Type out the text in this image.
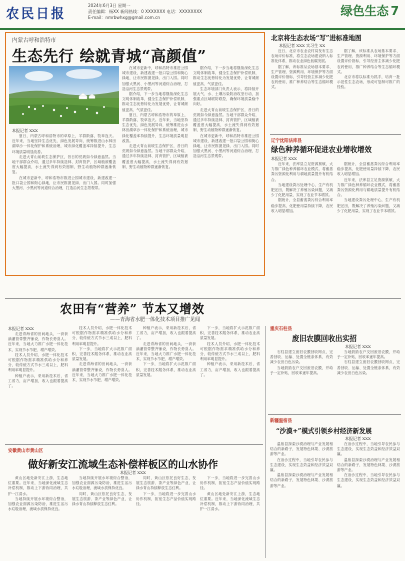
农民日报
2024年6月3日 星期一
责任编辑：杨XX 新闻热线：0 XXXXXXX 电话：XXXXXXXX
E-mail：nmrbwhxg@gmail.com.cn	绿色生态 7
内蒙古呼和浩特市
生态先行 绘就青城“高颜值”
本报记者 XXX

夏日，内蒙古呼和浩特市的草原上，羊群散落，牧草连天。近年来，当地坚持生态优先、绿色发展导向，统筹推进山水林田湖草沙一体化保护和系统治理，城市绿化覆盖率持续提升，生态环境质量明显改善。

走进大青山前坡生态保护区，昔日的荒坡如今绿意盎然。当地干部群众介绍，通过多年持续造林、封育管护，区域植被覆盖度大幅提高，水土流失得到有效遏制，野生动植物种群逐渐恢复。

在城市更新中，呼和浩特市推进公园城市建设，新建改建一批口袋公园和街心绿地，让市民推窗见绿、出门入园。同时加强大黑河、小黑河等河道综合治理，打造沿河生态景观带。

在城市更新中，呼和浩特市推进公园城市建设，新建改建一批口袋公园和街心绿地，让市民推窗见绿、出门入园。同时加强大黑河、小黑河等河道综合治理，打造沿河生态景观带。

据介绍，下一步当地将继续深化生态文明体制改革，健全生态保护补偿机制，推动生态优势转化为发展优势，让青城颜值更高、气质更佳。

夏日，内蒙古呼和浩特市的草原上，羊群散落，牧草连天。近年来，当地坚持生态优先、绿色发展导向，统筹推进山水林田湖草沙一体化保护和系统治理，城市绿化覆盖率持续提升，生态环境质量明显改善。

走进大青山前坡生态保护区，昔日的荒坡如今绿意盎然。当地干部群众介绍，通过多年持续造林、封育管护，区域植被覆盖度大幅提高，水土流失得到有效遏制，野生动植物种群逐渐恢复。

据介绍，下一步当地将继续深化生态文明体制改革，健全生态保护补偿机制，推动生态优势转化为发展优势，让青城颜值更高、气质更佳。

生态环境部门负责人表示，将持续开展大气、水、土壤污染防治攻坚行动，加强重点区域联防联控，确保环境质量稳中向好。

走进大青山前坡生态保护区，昔日的荒坡如今绿意盎然。当地干部群众介绍，通过多年持续造林、封育管护，区域植被覆盖度大幅提高，水土流失得到有效遏制，野生动植物种群逐渐恢复。

在城市更新中，呼和浩特市推进公园城市建设，新建改建一批口袋公园和街心绿地，让市民推窗见绿、出门入园。同时加强大黑河、小黑河等河道综合治理，打造沿河生态景观带。

北京将生态农场“写”进标准地图
本报记者 XXX 实习生 XX

近日，北京市农业农村局发布生态农场评价标准，将生态农场建设纳入标准化体系，推动农业绿色低碳发展。

据了解，该标准从农场基本要求、生产管理、资源利用、环境保护等方面设置评价指标，引导经营主体减少化肥农药使用，推广种养结合等生态循环模式。

据了解，该标准从农场基本要求、生产管理、资源利用、环境保护等方面设置评价指标，引导经营主体减少化肥农药使用，推广种养结合等生态循环模式。

北京市将以标准为抓手，培育一批示范性生态农场，形成可复制可推广的经验。

辽宁沈阳法库县
绿色种养循环促进农业增收增效
本报记者 XXX

近年来，法库县立足资源禀赋，大力推广绿色种养循环农业模式，将畜禽粪污资源化利用与耕地质量提升有机结合。

当地建设粪污处理中心，生产有机肥还田，既解决了养殖污染问题，又减少了化肥用量，实现了农业节本增效。

据统计，全县畜禽粪污综合利用率稳步提高，化肥使用量持续下降，农民收入明显增加。

据统计，全县畜禽粪污综合利用率稳步提高，化肥使用量持续下降，农民收入明显增加。

近年来，法库县立足资源禀赋，大力推广绿色种养循环农业模式，将畜禽粪污资源化利用与耕地质量提升有机结合。

当地建设粪污处理中心，生产有机肥还田，既解决了养殖污染问题，又减少了化肥用量，实现了农业节本增效。

农田有“营养” 节本又增效
——青海省水肥一体化技术项目推广见闻
本报记者 XXX

走进青海省的田间地头，一套套滴灌管带整齐铺设，作物长势喜人。近年来，当地大力推广水肥一体化技术，实现节水节肥、增产增效。

技术人员介绍，水肥一体化技术可根据作物需求精准供给水分和养分，较传统方式节水三成以上，肥料利用率明显提升。

种植户表示，采用新技术后，省工省力，亩产增加，收入也跟着提高了。

技术人员介绍，水肥一体化技术可根据作物需求精准供给水分和养分，较传统方式节水三成以上，肥料利用率明显提升。

下一步，当地将扩大示范推广面积，完善技术服务体系，推动农业高质量发展。

走进青海省的田间地头，一套套滴灌管带整齐铺设，作物长势喜人。近年来，当地大力推广水肥一体化技术，实现节水节肥、增产增效。

种植户表示，采用新技术后，省工省力，亩产增加，收入也跟着提高了。

走进青海省的田间地头，一套套滴灌管带整齐铺设，作物长势喜人。近年来，当地大力推广水肥一体化技术，实现节水节肥、增产增效。

下一步，当地将扩大示范推广面积，完善技术服务体系，推动农业高质量发展。

下一步，当地将扩大示范推广面积，完善技术服务体系，推动农业高质量发展。

技术人员介绍，水肥一体化技术可根据作物需求精准供给水分和养分，较传统方式节水三成以上，肥料利用率明显提升。

种植户表示，采用新技术后，省工省力，亩产增加，收入也跟着提高了。

重庆石柱县
废旧农膜回收出实招
本报记者 XXX

石柱县建立废旧农膜回收网点，完善回收、运输、处置全链条体系，有效减少农田白色污染。

当地鼓励农户交回废旧农膜，并给予一定补贴，回收率逐年提高。

当地鼓励农户交回废旧农膜，并给予一定补贴，回收率逐年提高。

石柱县建立废旧农膜回收网点，完善回收、运输、处置全链条体系，有效减少农田白色污染。

新疆温宿县
“沙漠+”模式引领乡村经济新发展
本报记者 XXX

温宿县探索沙漠治理与产业发展相结合的新路子，发展特色林果、沙漠旅游等产业。

在治沙过程中，当地引导农民参与生态建设，实现生态效益和经济效益双赢。

温宿县探索沙漠治理与产业发展相结合的新路子，发展特色林果、沙漠旅游等产业。

在治沙过程中，当地引导农民参与生态建设，实现生态效益和经济效益双赢。

温宿县探索沙漠治理与产业发展相结合的新路子，发展特色林果、沙漠旅游等产业。

在治沙过程中，当地引导农民参与生态建设，实现生态效益和经济效益双赢。

安徽黄山市黄山区
做好新安江流域生态补偿样板区的山水协作
本报记者 XXX

黄山区地处新安江上游，生态地位重要。近年来，当地深化流域生态补偿机制，推动上下游协同治理，共护一江清水。

当地持续开展水环境综合整治，加强农业面源污染防治，推进生活污水垃圾治理，流域水质保持优良。

当地持续开展水环境综合整治，加强农业面源污染防治，推进生活污水垃圾治理，流域水质保持优良。

同时，黄山区依托良好生态，发展生态旅游、茶产业等绿色产业，让绿水青山持续释放生态红利。

同时，黄山区依托良好生态，发展生态旅游、茶产业等绿色产业，让绿水青山持续释放生态红利。

下一步，当地将进一步完善山水协作机制，拓宽生态产品价值实现路径。

下一步，当地将进一步完善山水协作机制，拓宽生态产品价值实现路径。

黄山区地处新安江上游，生态地位重要。近年来，当地深化流域生态补偿机制，推动上下游协同治理，共护一江清水。
